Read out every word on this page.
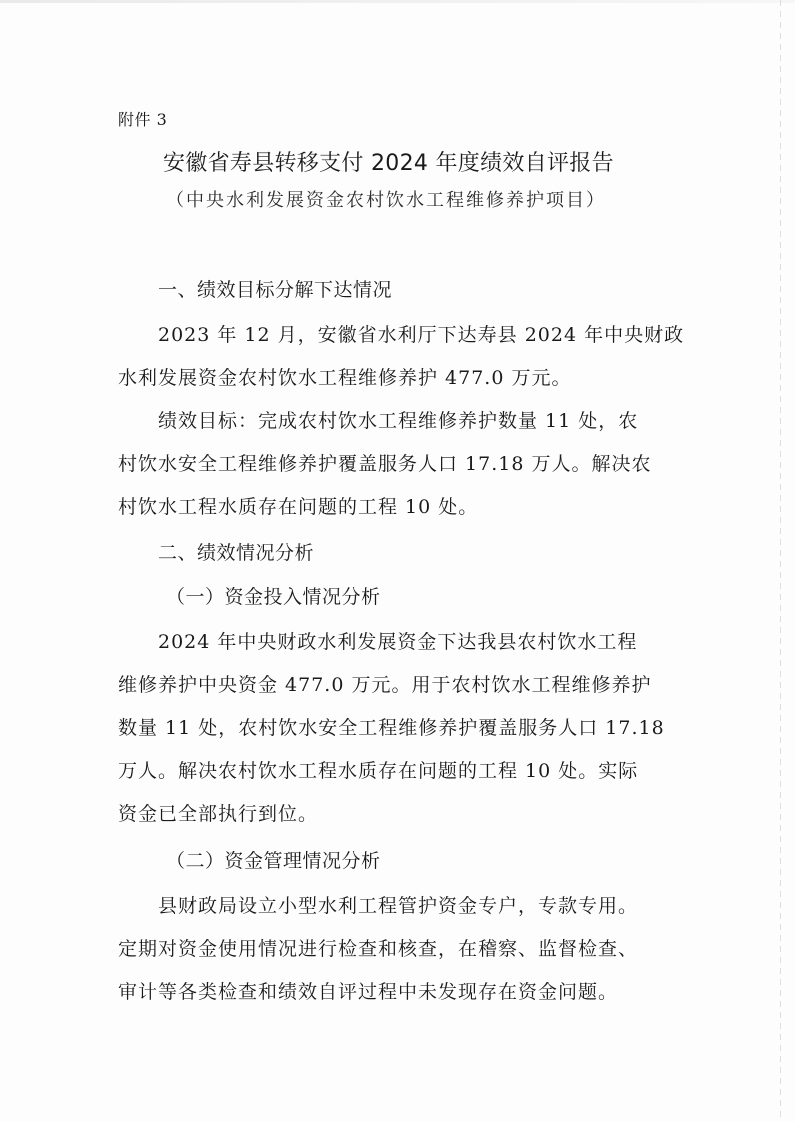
附件 3
安徽省寿县转移支付 2024 年度绩效自评报告
（中央水利发展资金农村饮水工程维修养护项目）
一、绩效目标分解下达情况
2023 年 12 月，安徽省水利厅下达寿县 2024 年中央财政
水利发展资金农村饮水工程维修养护 477.0 万元。
绩效目标：完成农村饮水工程维修养护数量 11 处，农
村饮水安全工程维修养护覆盖服务人口 17.18 万人。解决农
村饮水工程水质存在问题的工程 10 处。
二、绩效情况分析
（一）资金投入情况分析
2024 年中央财政水利发展资金下达我县农村饮水工程
维修养护中央资金 477.0 万元。用于农村饮水工程维修养护
数量 11 处，农村饮水安全工程维修养护覆盖服务人口 17.18
万人。解决农村饮水工程水质存在问题的工程 10 处。实际
资金已全部执行到位。
（二）资金管理情况分析
县财政局设立小型水利工程管护资金专户，专款专用。
定期对资金使用情况进行检查和核查，在稽察、监督检查、
审计等各类检查和绩效自评过程中未发现存在资金问题。
